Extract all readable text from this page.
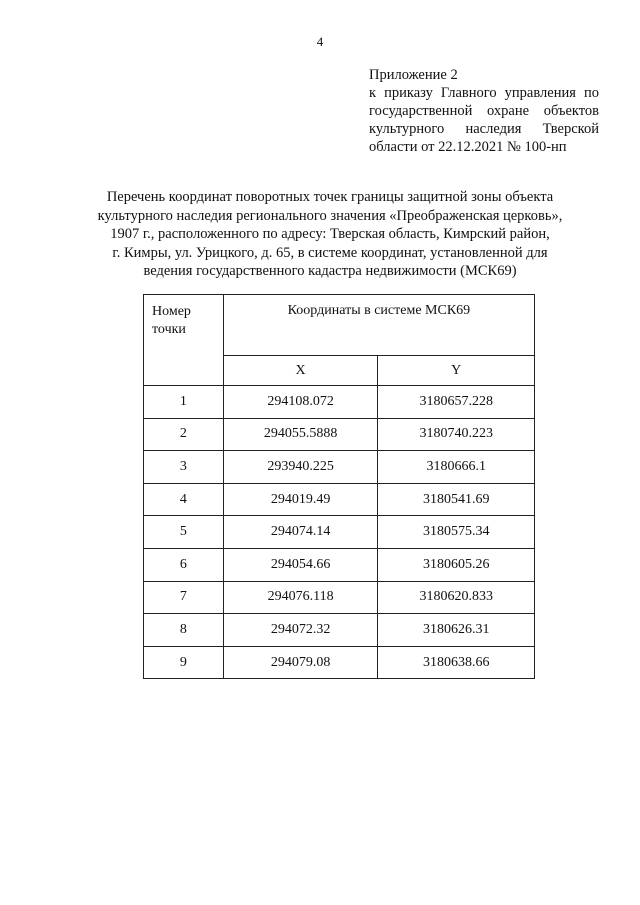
4
Приложение 2
к приказу Главного управления по
государственной охране объектов
культурного наследия Тверской
области от 22.12.2021 № 100-нп
Перечень координат поворотных точек границы защитной зоны объекта
культурного наследия регионального значения «Преображенская церковь»,
1907 г., расположенного по адресу: Тверская область, Кимрский район,
г. Кимры, ул. Урицкого, д. 65, в системе координат, установленной для
ведения государственного кадастра недвижимости (МСК69)
Номер
точки	Координаты в системе МСК69	
	X	Y
1	294108.072	3180657.228
2	294055.5888	3180740.223
3	293940.225	3180666.1
4	294019.49	3180541.69
5	294074.14	3180575.34
6	294054.66	3180605.26
7	294076.118	3180620.833
8	294072.32	3180626.31
9	294079.08	3180638.66
